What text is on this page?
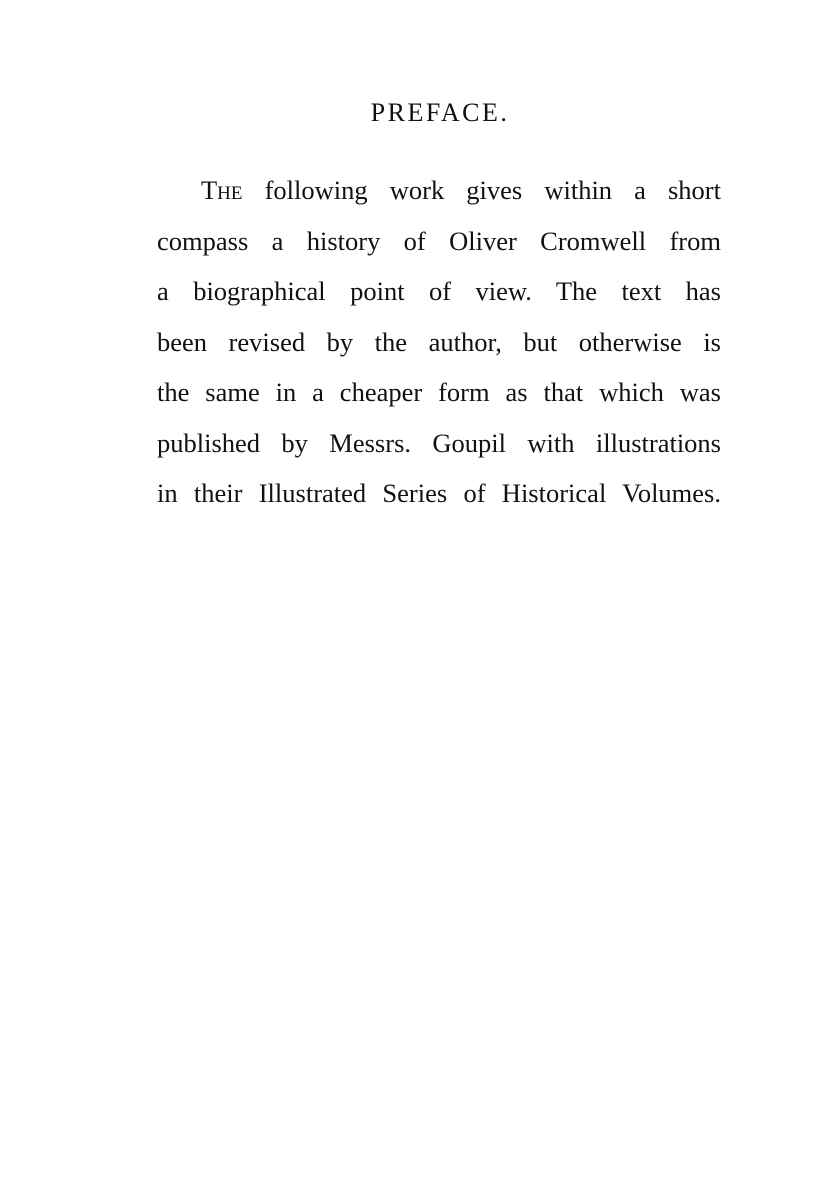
PREFACE.
The following work gives within a short
compass a history of Oliver Cromwell from
a biographical point of view. The text has
been revised by the author, but otherwise is
the same in a cheaper form as that which was
published by Messrs. Goupil with illustrations
in their Illustrated Series of Historical Volumes.
